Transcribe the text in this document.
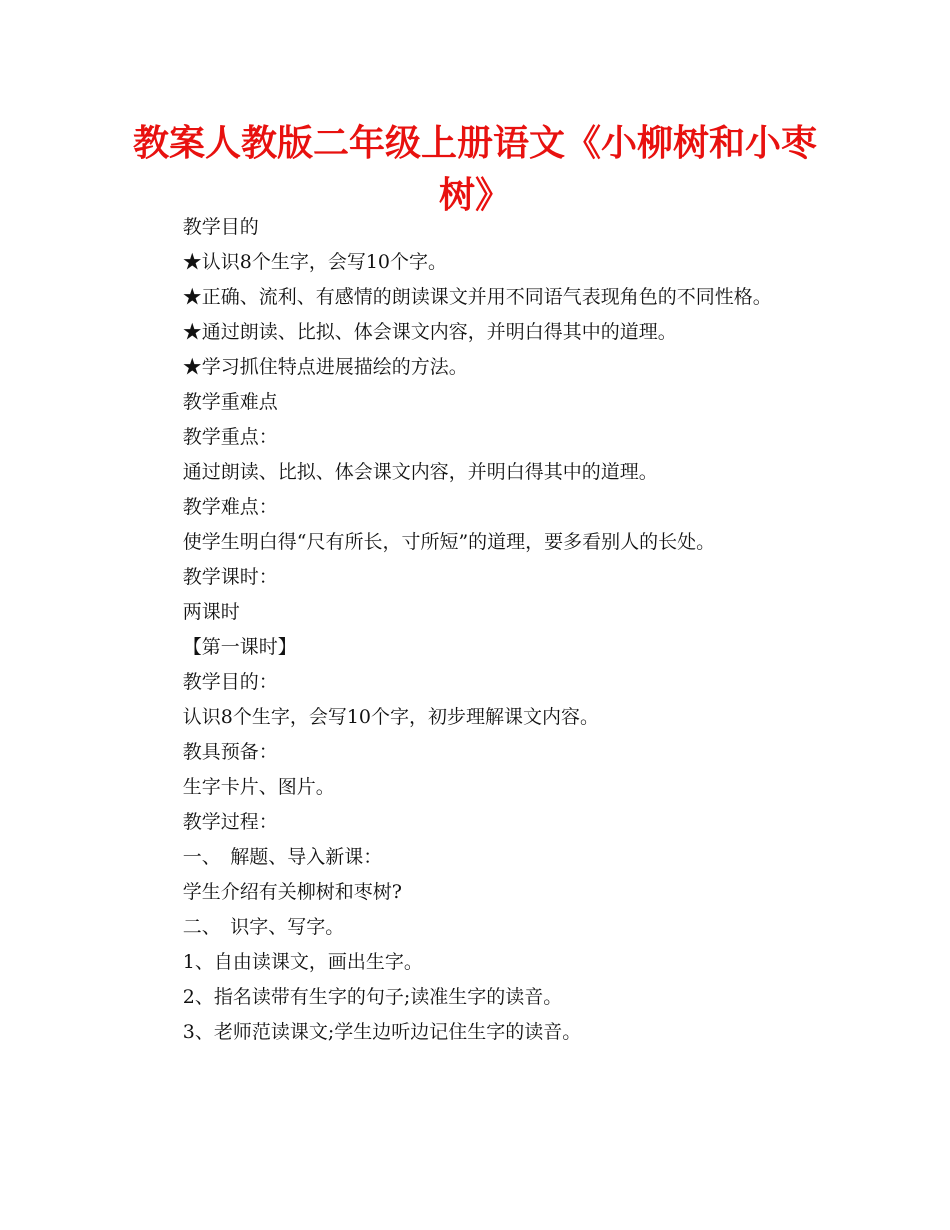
教案人教版二年级上册语文《小柳树和小枣树》

教学目的

★认识8个生字，会写10个字。

★正确、流利、有感情的朗读课文并用不同语气表现角色的不同性格。

★通过朗读、比拟、体会课文内容，并明白得其中的道理。

★学习抓住特点进展描绘的方法。

教学重难点

教学重点：

通过朗读、比拟、体会课文内容，并明白得其中的道理。

教学难点：

使学生明白得“尺有所长，寸所短”的道理，要多看别人的长处。

教学课时：

两课时

【第一课时】

教学目的：

认识8个生字，会写10个字，初步理解课文内容。

教具预备：

生字卡片、图片。

教学过程：

一、　解题、导入新课：

学生介绍有关柳树和枣树?

二、　识字、写字。

1、自由读课文，画出生字。

2、指名读带有生字的句子;读准生字的读音。

3、老师范读课文;学生边听边记住生字的读音。
